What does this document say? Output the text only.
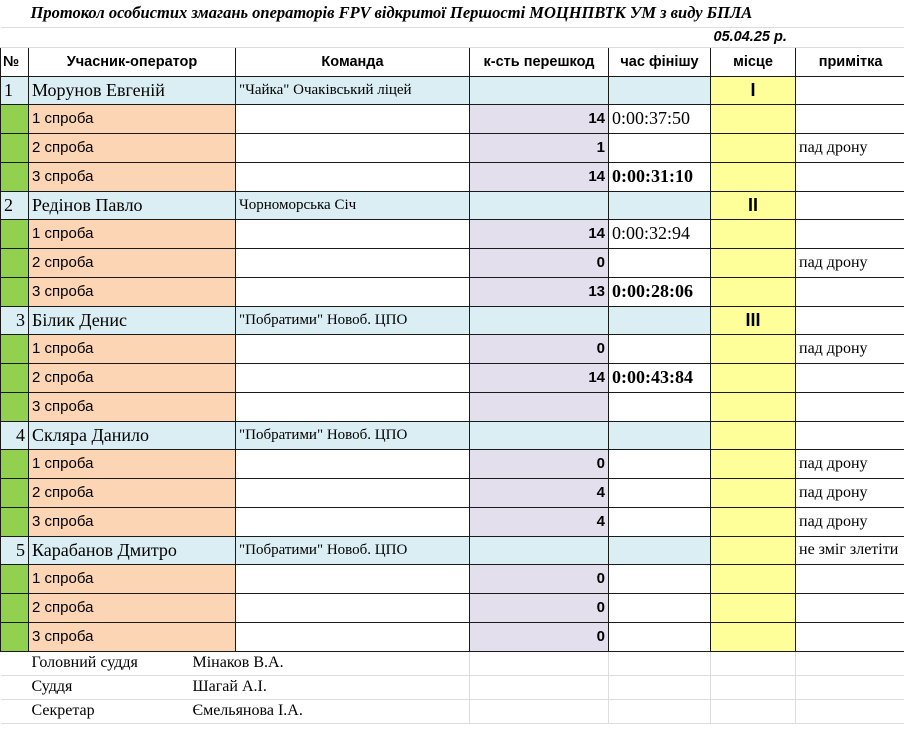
Протокол особистих змагань операторів FPV відкритої Першості МОЦНПВТК УМ з виду БПЛА						
					05.04.25 р.	
№	Учасник-оператор	Команда	к-сть перешкод	час фінішу	місце	примітка
1	Морунов Евгеній	"Чайка" Очаківський ліцей			I	
	1 спроба		14	0:00:37:50		
	2 спроба		1			пад дрону
	3 спроба		14	0:00:31:10		
2	Редінов Павло	Чорноморська Січ			II	
	1 спроба		14	0:00:32:94		
	2 спроба		0			пад дрону
	3 спроба		13	0:00:28:06		
3	Білик Денис	"Побратими" Новоб. ЦПО			III	
	1 спроба		0			пад дрону
	2 спроба		14	0:00:43:84		
	3 спроба					
4	Скляра Данило	"Побратими" Новоб. ЦПО				
	1 спроба		0			пад дрону
	2 спроба		4			пад дрону
	3 спроба		4			пад дрону
5	Карабанов Дмитро	"Побратими" Новоб. ЦПО				не зміг злетіти
	1 спроба		0			
	2 спроба		0			
	3 спроба		0			
	Головний суддя Мінаков В.А.					
	Суддя Шагай А.І.					
	Секретар Ємельянова І.А.					
